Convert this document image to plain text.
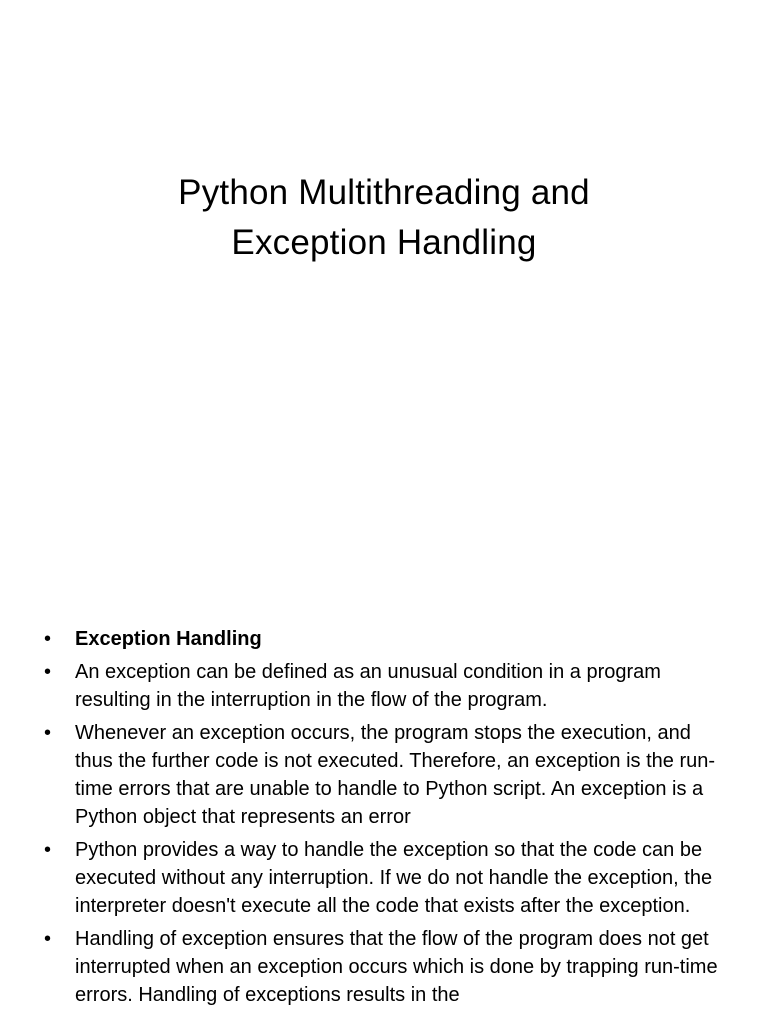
Python Multithreading and
Exception Handling
•	Exception Handling
•	An exception can be defined as an unusual condition in a program resulting in the interruption in the flow of the program.
•	Whenever an exception occurs, the program stops the execution, and thus the further code is not executed. Therefore, an exception is the run-time errors that are unable to handle to Python script. An exception is a Python object that represents an error
•	Python provides a way to handle the exception so that the code can be executed without any interruption. If we do not handle the exception, the interpreter doesn't execute all the code that exists after the exception.
•	Handling of exception ensures that the flow of the program does not get interrupted when an exception occurs which is done by trapping run-time errors. Handling of exceptions results in the
